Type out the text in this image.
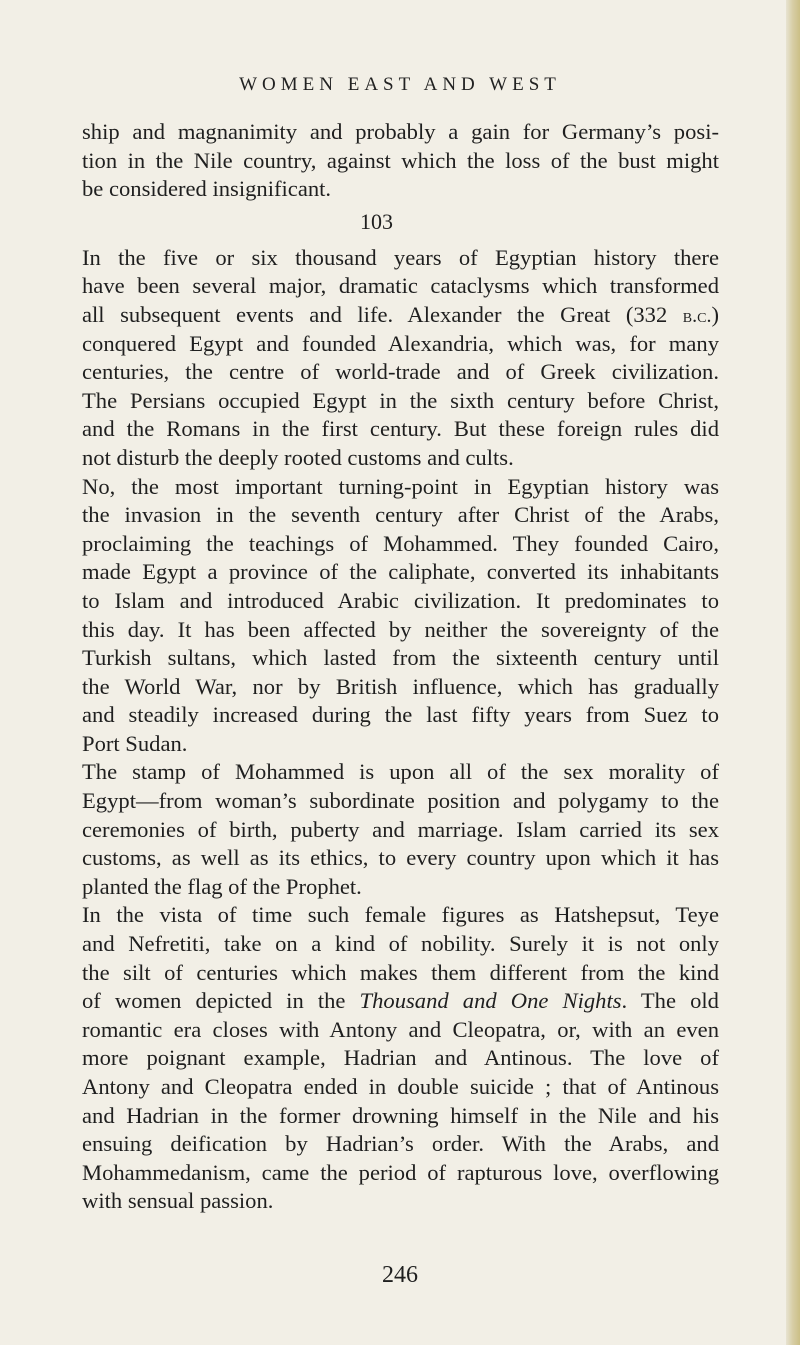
WOMEN EAST AND WEST
ship and magnanimity and probably a gain for Germany’s posi-
tion in the Nile country, against which the loss of the bust might
be considered insignificant.
103
In the five or six thousand years of Egyptian history there
have been several major, dramatic cataclysms which transformed
all subsequent events and life. Alexander the Great (332 b.c.)
conquered Egypt and founded Alexandria, which was, for many
centuries, the centre of world-trade and of Greek civilization.
The Persians occupied Egypt in the sixth century before Christ,
and the Romans in the first century. But these foreign rules did
not disturb the deeply rooted customs and cults.
No, the most important turning-point in Egyptian history was
the invasion in the seventh century after Christ of the Arabs,
proclaiming the teachings of Mohammed. They founded Cairo,
made Egypt a province of the caliphate, converted its inhabitants
to Islam and introduced Arabic civilization. It predominates to
this day. It has been affected by neither the sovereignty of the
Turkish sultans, which lasted from the sixteenth century until
the World War, nor by British influence, which has gradually
and steadily increased during the last fifty years from Suez to
Port Sudan.
The stamp of Mohammed is upon all of the sex morality of
Egypt—from woman’s subordinate position and polygamy to the
ceremonies of birth, puberty and marriage. Islam carried its sex
customs, as well as its ethics, to every country upon which it has
planted the flag of the Prophet.
In the vista of time such female figures as Hatshepsut, Teye
and Nefretiti, take on a kind of nobility. Surely it is not only
the silt of centuries which makes them different from the kind
of women depicted in the Thousand and One Nights. The old
romantic era closes with Antony and Cleopatra, or, with an even
more poignant example, Hadrian and Antinous. The love of
Antony and Cleopatra ended in double suicide ; that of Antinous
and Hadrian in the former drowning himself in the Nile and his
ensuing deification by Hadrian’s order. With the Arabs, and
Mohammedanism, came the period of rapturous love, overflowing
with sensual passion.
246
